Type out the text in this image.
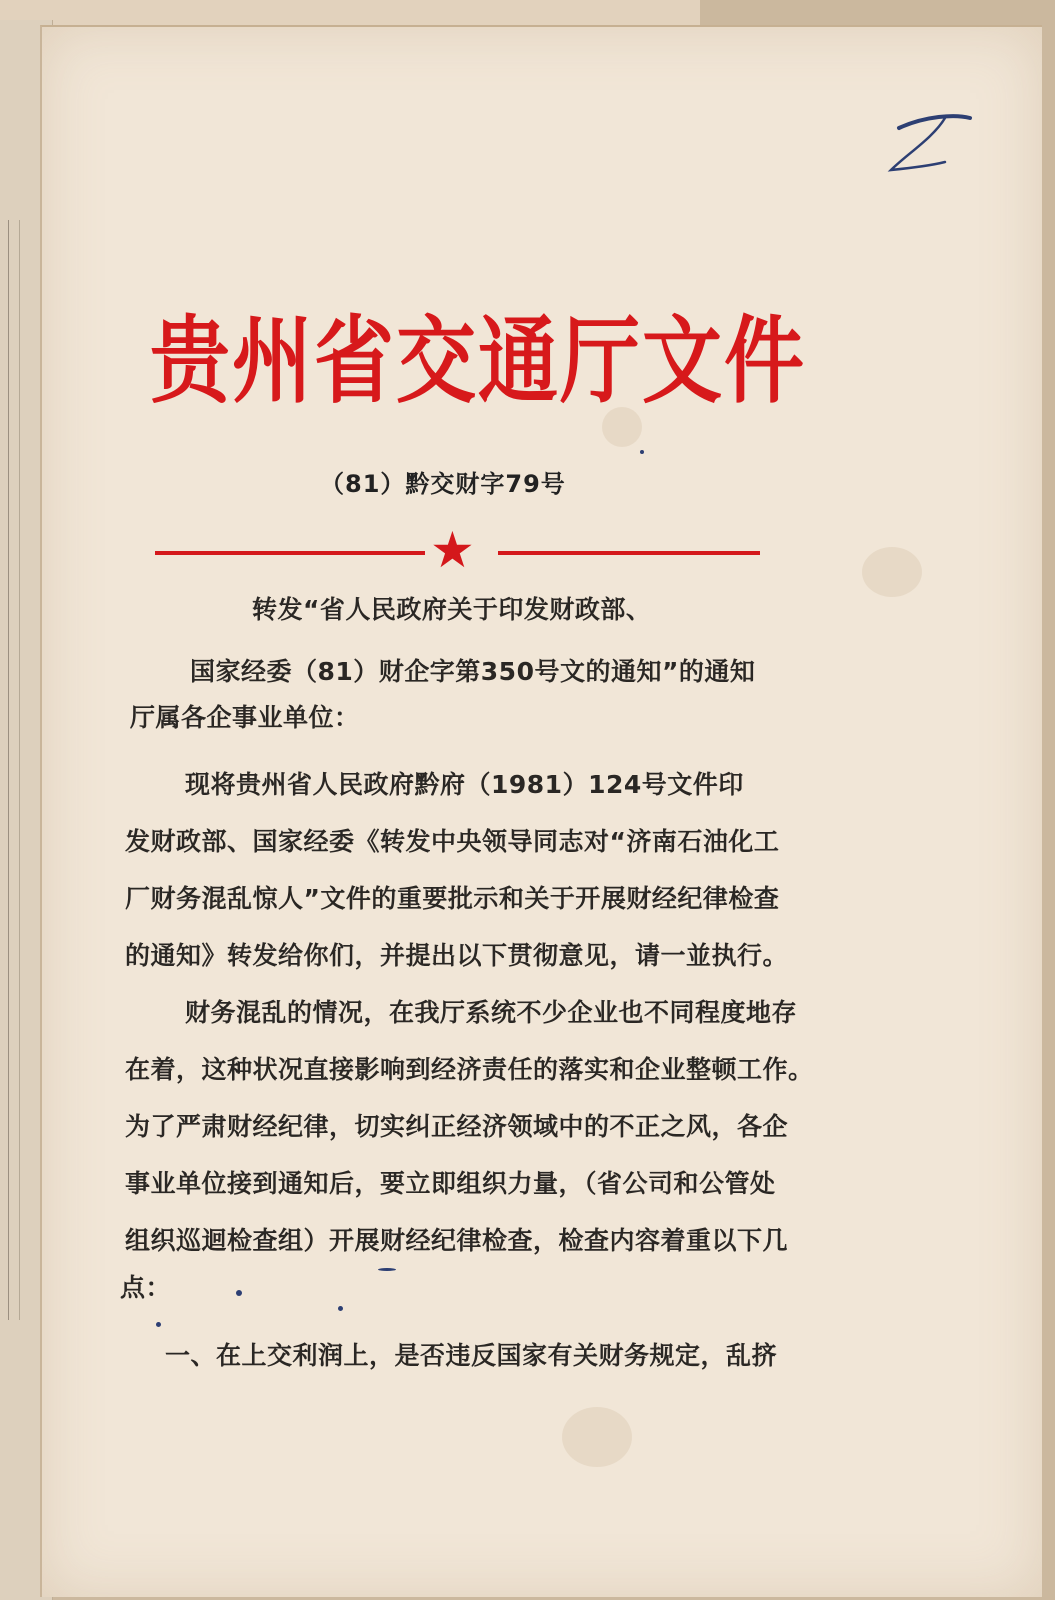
贵州省交通厅文件
（81）黔交财字79号
★
转发“省人民政府关于印发财政部、
国家经委（81）财企字第350号文的通知”的通知
厅属各企事业单位：
现将贵州省人民政府黔府（1981）124号文件印
发财政部、国家经委《转发中央领导同志对“济南石油化工
厂财务混乱惊人”文件的重要批示和关于开展财经纪律检查
的通知》转发给你们，并提出以下贯彻意见，请一並执行。
财务混乱的情况，在我厅系统不少企业也不同程度地存
在着，这种状况直接影响到经济责任的落实和企业整顿工作。
为了严肃财经纪律，切实纠正经济领域中的不正之风，各企
事业单位接到通知后，要立即组织力量，（省公司和公管处
组织巡迴检查组）开展财经纪律检查，检查内容着重以下几
点：
一、在上交利润上，是否违反国家有关财务规定，乱挤
